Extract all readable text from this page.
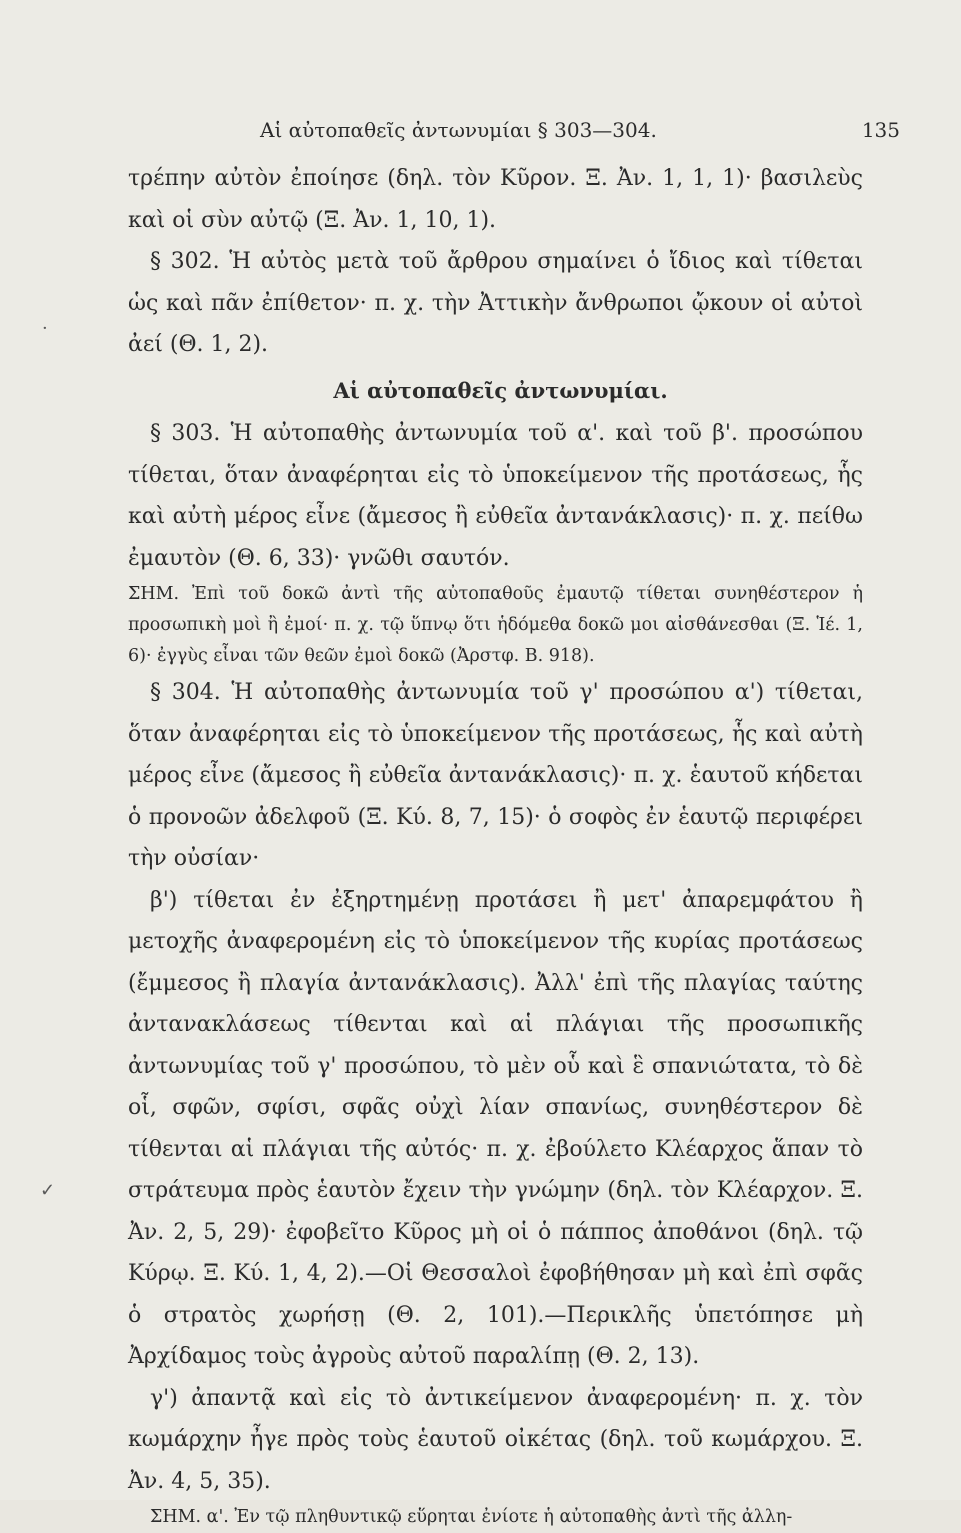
Αἱ αὐτοπαθεῖς ἀντωνυμίαι § 303—304.	135
·
✓

τρέπην αὐτὸν ἐποίησε (δηλ. τὸν Κῦρον. Ξ. Ἀν. 1, 1, 1)· βασιλεὺς καὶ οἱ σὺν αὐτῷ (Ξ. Ἀν. 1, 10, 1).

§ 302. Ἡ αὐτὸς μετὰ τοῦ ἄρθρου σημαίνει ὁ ἴδιος καὶ τίθεται ὡς καὶ πᾶν ἐπίθετον· π. χ. τὴν Ἀττικὴν ἄνθρωποι ᾤκουν οἱ αὐτοὶ ἀεί (Θ. 1, 2).

Αἱ αὐτοπαθεῖς ἀντωνυμίαι.

§ 303. Ἡ αὐτοπαθὴς ἀντωνυμία τοῦ α'. καὶ τοῦ β'. προσώπου τίθεται, ὅταν ἀναφέρηται εἰς τὸ ὑποκείμενον τῆς προτάσεως, ἧς καὶ αὐτὴ μέρος εἶνε (ἄμεσος ἢ εὐθεῖα ἀντανάκλασις)· π. χ. πείθω ἐμαυτὸν (Θ. 6, 33)· γνῶθι σαυτόν.

ΣΗΜ. Ἐπὶ τοῦ δοκῶ ἀντὶ τῆς αὐτοπαθοῦς ἐμαυτῷ τίθεται συνηθέστερον ἡ προσωπικὴ μοὶ ἢ ἐμοί· π. χ. τῷ ὕπνῳ ὅτι ἡδόμεθα δοκῶ μοι αἰσθάνεσθαι (Ξ. Ἱέ. 1, 6)· ἐγγὺς εἶναι τῶν θεῶν ἐμοὶ δοκῶ (Ἀρστφ. Β. 918).

§ 304. Ἡ αὐτοπαθὴς ἀντωνυμία τοῦ γ' προσώπου α') τίθεται, ὅταν ἀναφέρηται εἰς τὸ ὑποκείμενον τῆς προτάσεως, ἧς καὶ αὐτὴ μέρος εἶνε (ἄμεσος ἢ εὐθεῖα ἀντανάκλασις)· π. χ. ἑαυτοῦ κήδεται ὁ προνοῶν ἀδελφοῦ (Ξ. Κύ. 8, 7, 15)· ὁ σοφὸς ἐν ἑαυτῷ περιφέρει τὴν οὐσίαν·

β') τίθεται ἐν ἐξηρτημένῃ προτάσει ἢ μετ' ἀπαρεμφάτου ἢ μετοχῆς ἀναφερομένη εἰς τὸ ὑποκείμενον τῆς κυρίας προτάσεως (ἔμμεσος ἢ πλαγία ἀντανάκλασις). Ἀλλ' ἐπὶ τῆς πλαγίας ταύτης ἀντανακλάσεως τίθενται καὶ αἱ πλάγιαι τῆς προσωπικῆς ἀντωνυμίας τοῦ γ' προσώπου, τὸ μὲν οὗ καὶ ἓ σπανιώτατα, τὸ δὲ οἷ, σφῶν, σφίσι, σφᾶς οὐχὶ λίαν σπανίως, συνηθέστερον δὲ τίθενται αἱ πλάγιαι τῆς αὐτός· π. χ. ἐβούλετο Κλέαρχος ἅπαν τὸ στράτευμα πρὸς ἑαυτὸν ἔχειν τὴν γνώμην (δηλ. τὸν Κλέαρχον. Ξ. Ἀν. 2, 5, 29)· ἐφοβεῖτο Κῦρος μὴ οἱ ὁ πάππος ἀποθάνοι (δηλ. τῷ Κύρῳ. Ξ. Κύ. 1, 4, 2).—Οἱ Θεσσαλοὶ ἐφοβήθησαν μὴ καὶ ἐπὶ σφᾶς ὁ στρατὸς χωρήσῃ (Θ. 2, 101).—Περικλῆς ὑπετόπησε μὴ Ἀρχίδαμος τοὺς ἀγροὺς αὐτοῦ παραλίπῃ (Θ. 2, 13).

γ') ἀπαντᾷ καὶ εἰς τὸ ἀντικείμενον ἀναφερομένη· π. χ. τὸν κωμάρχην ἦγε πρὸς τοὺς ἑαυτοῦ οἰκέτας (δηλ. τοῦ κωμάρχου. Ξ. Ἀν. 4, 5, 35).

ΣΗΜ. α'. Ἐν τῷ πληθυντικῷ εὕρηται ἐνίοτε ἡ αὐτοπαθὴς ἀντὶ τῆς ἀλλη-
